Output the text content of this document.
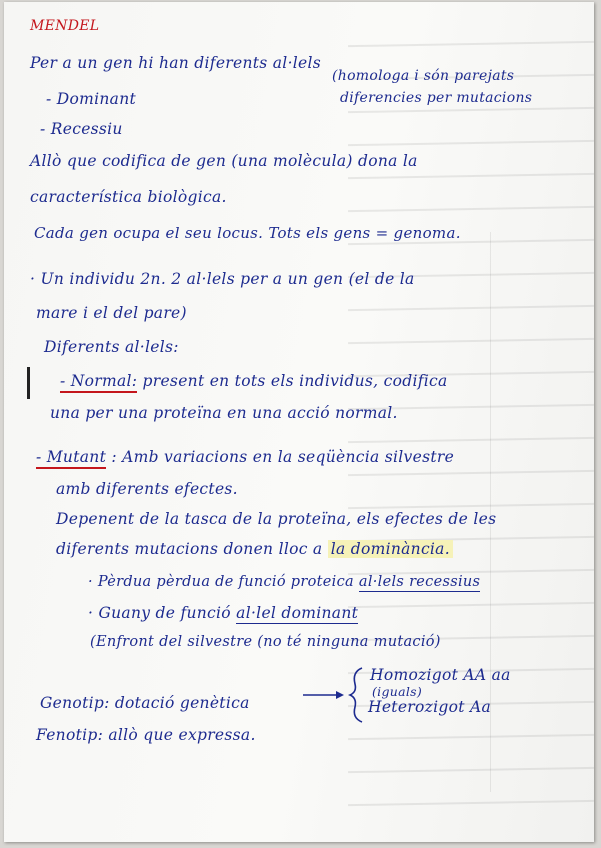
MENDEL
Per a un gen hi han diferents al·lels
(homologa i són parejats
- Dominant	diferencies per mutacions
- Recessiu
Allò que codifica de gen (una molècula) dona la
característica biològica.
Cada gen ocupa el seu locus. Tots els gens = genoma.
· Un individu 2n. 2 al·lels per a un gen (el de la
mare i el del pare)
Diferents al·lels:
- Normal: present en tots els individus, codifica
una per una proteïna en una acció normal.
- Mutant : Amb variacions en la seqüència silvestre
amb diferents efectes.
Depenent de la tasca de la proteïna, els efectes de les
diferents mutacions donen lloc a la dominància.
· Pèrdua pèrdua de funció proteica al·lels recessius
· Guany de funció al·lel dominant
(Enfront del silvestre (no té ninguna mutació)
Genotip: dotació genètica
Homozigot AA aa
(iguals)
Heterozigot Aa
Fenotip: allò que expressa.
